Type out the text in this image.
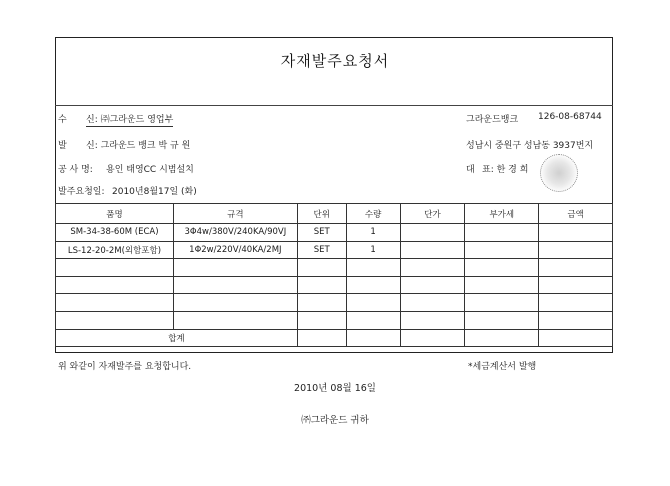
자재발주요청서
수 신: ㈜그라운드 영업부
발 신: 그라운드 뱅크 박 규 원
공 사 명: 용인 태영CC 시범설치
발주요청일: 2010년8월17일 (화)
그라운드뱅크 126-08-68744
성남시 중원구 성남동 3937번지
대 표: 한 경 희
품명	규격	단위	수량	단가	부가세	금액
SM-34-38-60M (ECA)	3Φ4w/380V/240KA/90VJ	SET	1			
LS-12-20-2M(외함포함)	1Φ2w/220V/40KA/2MJ	SET	1			

합계						
위 와같이 자재발주를 요청합니다.	*세금계산서 발행
2010년 08월 16일
㈜그라운드 귀하
